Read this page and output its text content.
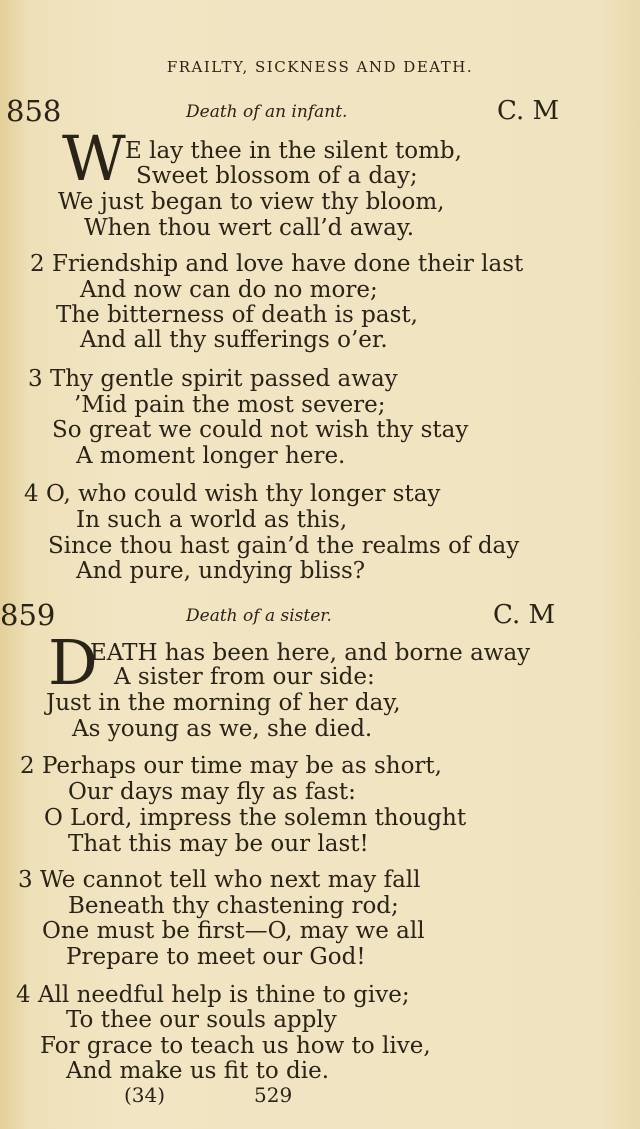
FRAILTY, SICKNESS AND DEATH.
858	Death of an infant.	C. M
W E lay thee in the silent tomb,
Sweet blossom of a day;
We just began to view thy bloom,
When thou wert call’d away.
2 Friendship and love have done their last
And now can do no more;
The bitterness of death is past,
And all thy sufferings o’er.
3 Thy gentle spirit passed away
’Mid pain the most severe;
So great we could not wish thy stay
A moment longer here.
4 O, who could wish thy longer stay
In such a world as this,
Since thou hast gain’d the realms of day
And pure, undying bliss?
859	Death of a sister.	C. M
D
EATH has been here, and borne away
A sister from our side:
Just in the morning of her day,
As young as we, she died.
2 Perhaps our time may be as short,
Our days may fly as fast:
O Lord, impress the solemn thought
That this may be our last!
3 We cannot tell who next may fall
Beneath thy chastening rod;
One must be first—O, may we all
Prepare to meet our God!
4 All needful help is thine to give;
To thee our souls apply
For grace to teach us how to live,
And make us fit to die.
(34)	529
